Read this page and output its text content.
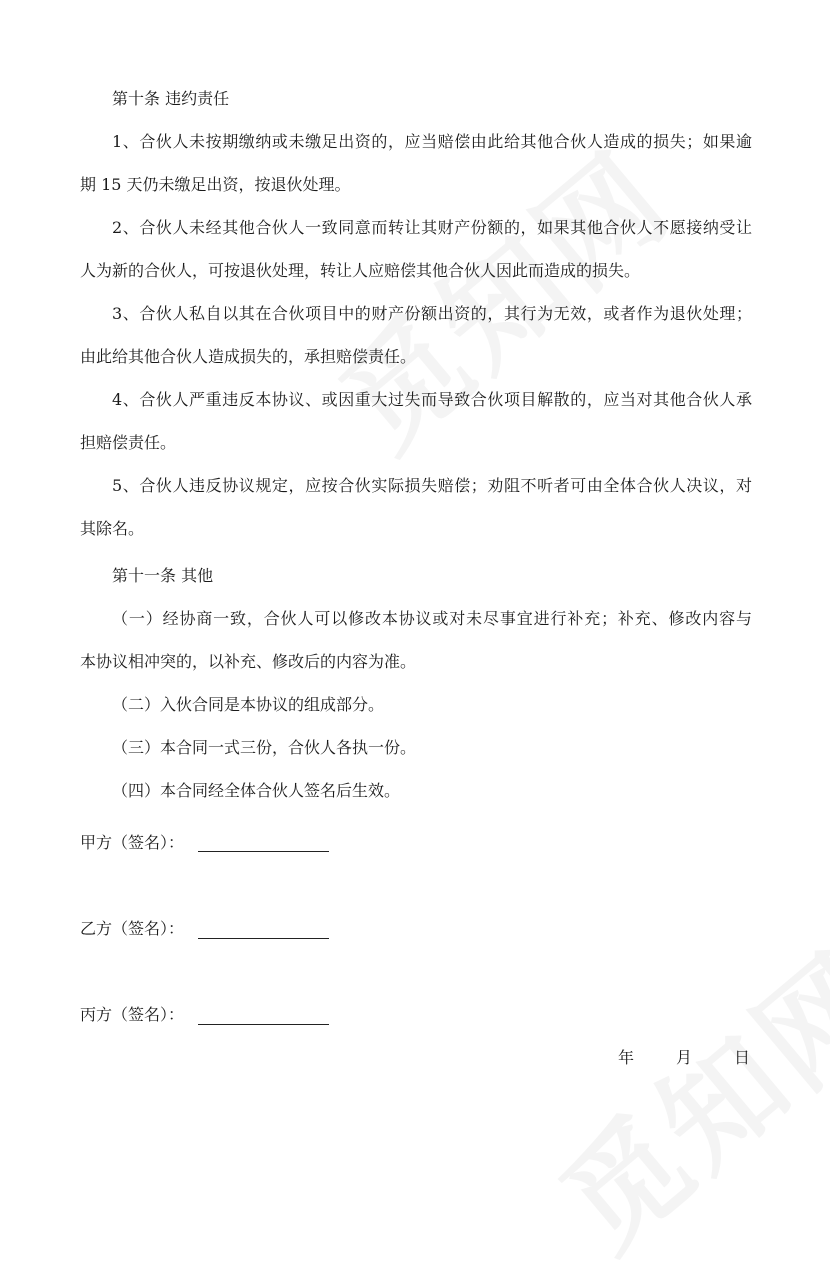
第十条 违约责任
1、合伙人未按期缴纳或未缴足出资的，应当赔偿由此给其他合伙人造成的损失；如果逾
期 15 天仍未缴足出资，按退伙处理。
2、合伙人未经其他合伙人一致同意而转让其财产份额的，如果其他合伙人不愿接纳受让
人为新的合伙人，可按退伙处理，转让人应赔偿其他合伙人因此而造成的损失。
3、合伙人私自以其在合伙项目中的财产份额出资的，其行为无效，或者作为退伙处理；
由此给其他合伙人造成损失的，承担赔偿责任。
4、合伙人严重违反本协议、或因重大过失而导致合伙项目解散的，应当对其他合伙人承
担赔偿责任。
5、合伙人违反协议规定，应按合伙实际损失赔偿；劝阻不听者可由全体合伙人决议，对
其除名。
第十一条 其他
（一）经协商一致，合伙人可以修改本协议或对未尽事宜进行补充；补充、修改内容与
本协议相冲突的，以补充、修改后的内容为准。
（二）入伙合同是本协议的组成部分。
（三）本合同一式三份，合伙人各执一份。
（四）本合同经全体合伙人签名后生效。
甲方（签名）：
乙方（签名）：
丙方（签名）：
年	月	日
